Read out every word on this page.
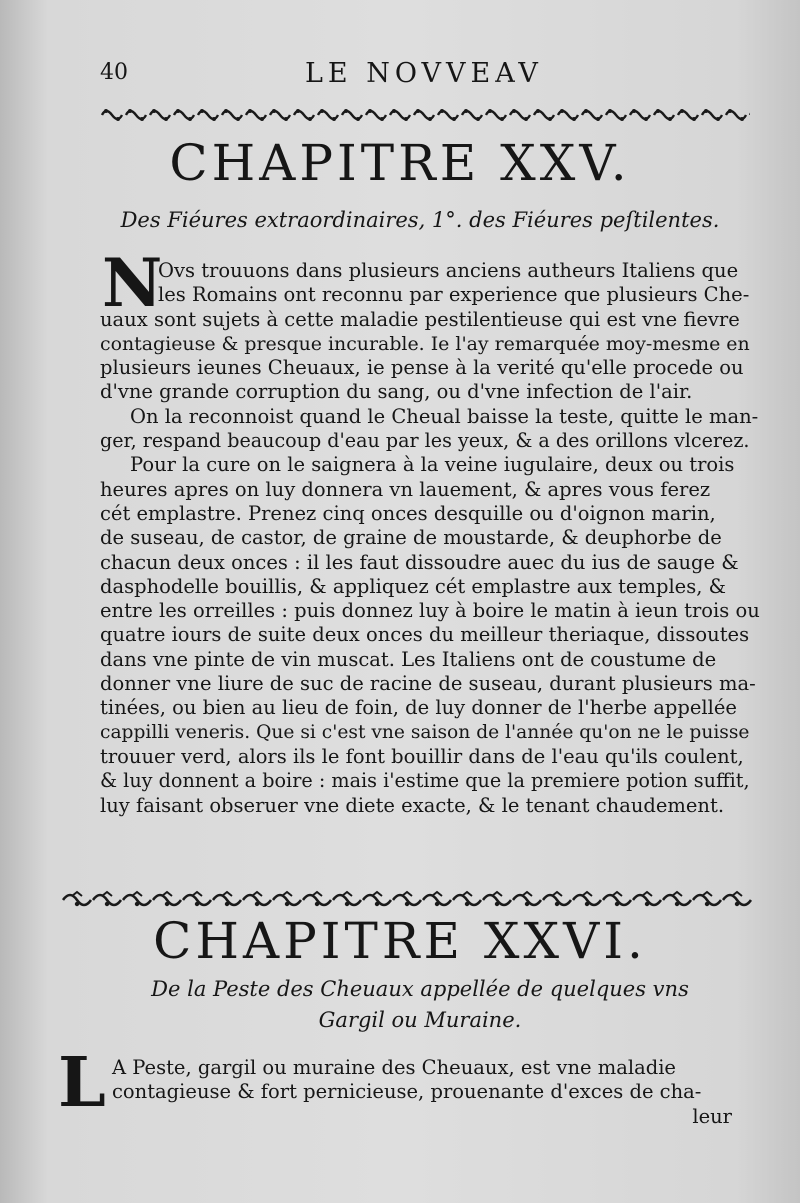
40	LE NOVVEAV
CHAPITRE XXV.
Des Fiéures extraordinaires, 1°. des Fiéures peſtilentes.
N
Ovs trouuons dans plusieurs anciens autheurs Italiens que
les Romains ont reconnu par experience que plusieurs Che-
uaux sont sujets à cette maladie pestilentieuse qui est vne fievre
contagieuse & presque incurable. Ie l'ay remarquée moy-mesme en
plusieurs ieunes Cheuaux, ie pense à la verité qu'elle procede ou
d'vne grande corruption du sang, ou d'vne infection de l'air.
On la reconnoist quand le Cheual baisse la teste, quitte le man-
ger, respand beaucoup d'eau par les yeux, & a des orillons vlcerez.
Pour la cure on le saignera à la veine iugulaire, deux ou trois
heures apres on luy donnera vn lauement, & apres vous ferez
cét emplastre. Prenez cinq onces desquille ou d'oignon marin,
de suseau, de castor, de graine de moustarde, & deuphorbe de
chacun deux onces : il les faut dissoudre auec du ius de sauge &
dasphodelle bouillis, & appliquez cét emplastre aux temples, &
entre les orreilles : puis donnez luy à boire le matin à ieun trois ou
quatre iours de suite deux onces du meilleur theriaque, dissoutes
dans vne pinte de vin muscat. Les Italiens ont de coustume de
donner vne liure de suc de racine de suseau, durant plusieurs ma-
tinées, ou bien au lieu de foin, de luy donner de l'herbe appellée
cappilli veneris. Que si c'est vne saison de l'année qu'on ne le puisse
trouuer verd, alors ils le font bouillir dans de l'eau qu'ils coulent,
& luy donnent a boire : mais i'estime que la premiere potion suffit,
luy faisant obseruer vne diete exacte, & le tenant chaudement.
CHAPITRE XXVI.
De la Peste des Cheuaux appellée de quelques vns
Gargil ou Muraine.
L A Peste, gargil ou muraine des Cheuaux, est vne maladie
contagieuse & fort pernicieuse, prouenante d'exces de cha-
leur
